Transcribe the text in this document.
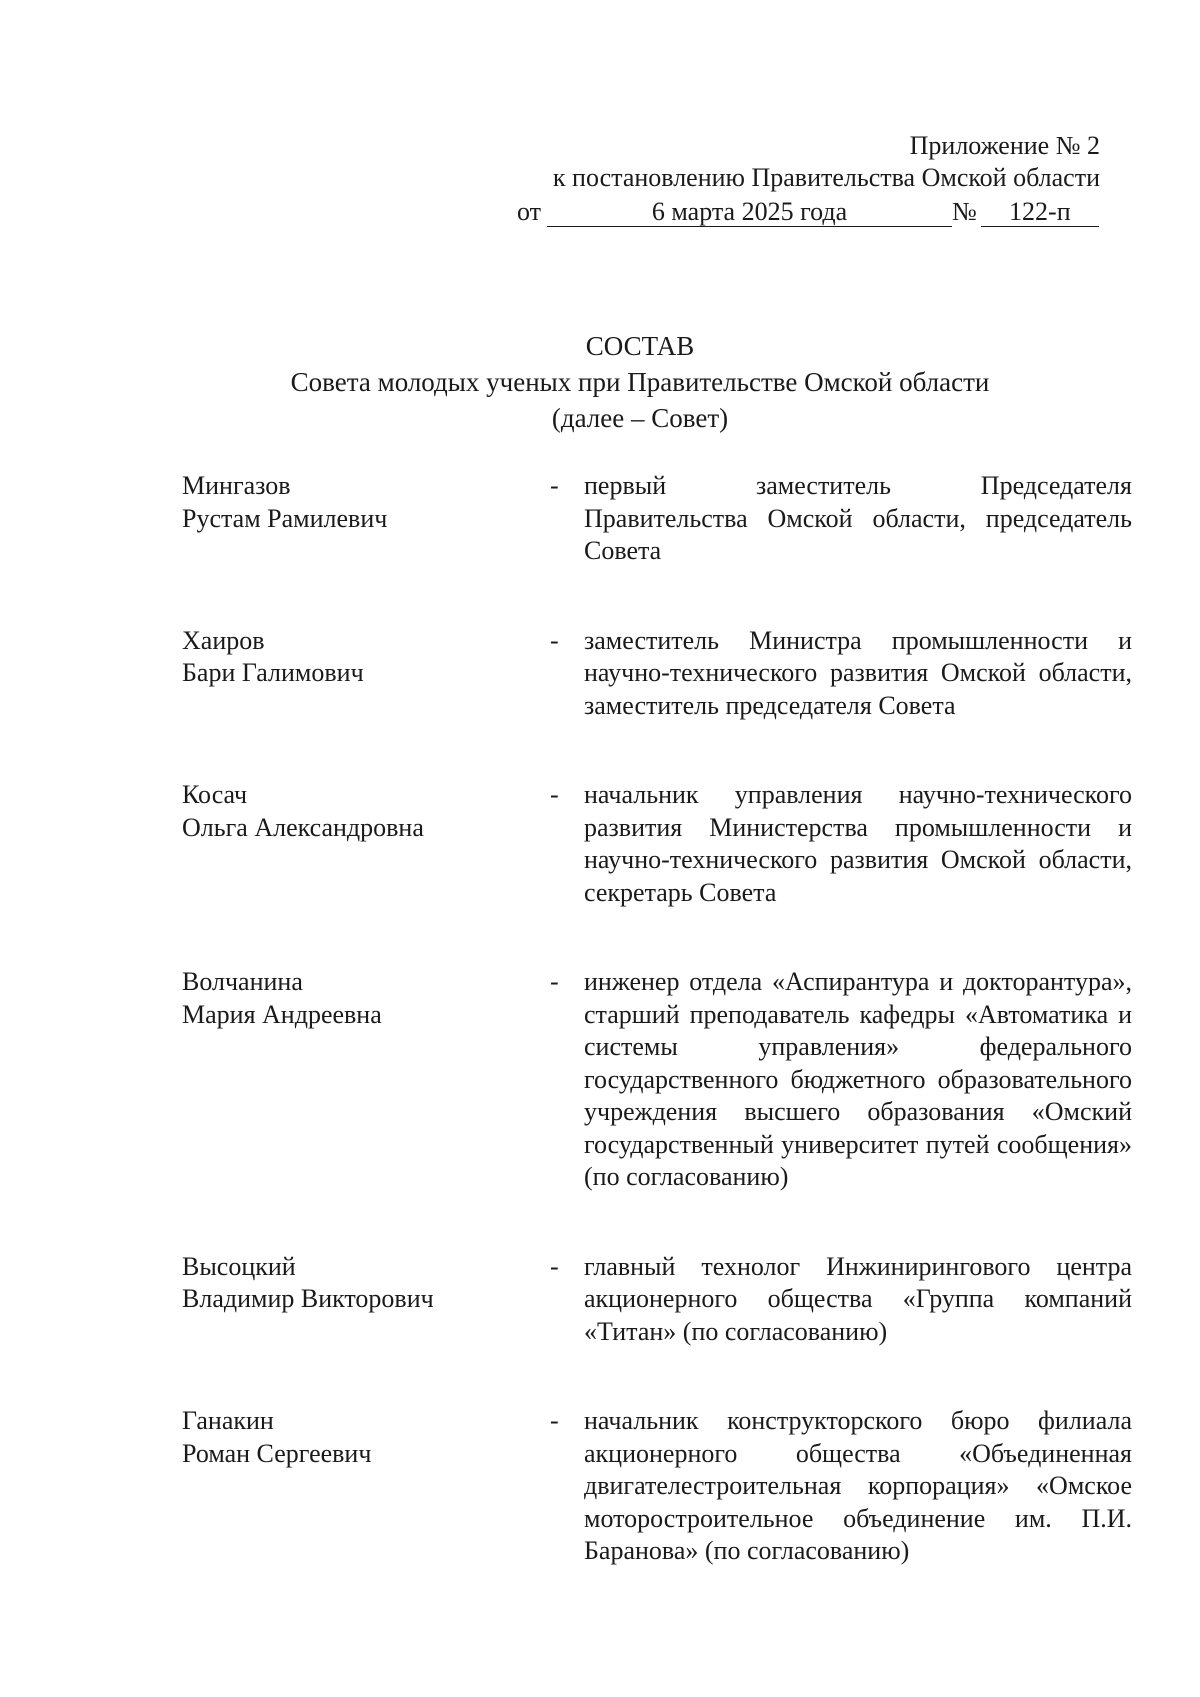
Приложение № 2
к постановлению Правительства Омской области
от	6 марта 2025 года	№ 122-п
СОСТАВ
Совета молодых ученых при Правительстве Омской области
(далее – Совет)
Мингазов
Рустам Рамилевич
- первый заместитель Председателя Правительства Омской области, председатель Совета
Хаиров
Бари Галимович
- заместитель Министра промышленности и научно-технического развития Омской области, заместитель председателя Совета
Косач
Ольга Александровна
- начальник управления научно-технического развития Министерства промышленности и научно-технического развития Омской области, секретарь Совета
Волчанина
Мария Андреевна
- инженер отдела «Аспирантура и докторантура», старший преподаватель кафедры «Автоматика и системы управления» федерального государственного бюджетного образовательного учреждения высшего образования «Омский государственный университет путей сообщения» (по согласованию)
Высоцкий
Владимир Викторович
- главный технолог Инжинирингового центра акционерного общества «Группа компаний «Титан» (по согласованию)
Ганакин
Роман Сергеевич
- начальник конструкторского бюро филиала акционерного общества «Объединенная двигателестроительная корпорация» «Омское моторостроительное объединение им. П.И. Баранова» (по согласованию)
